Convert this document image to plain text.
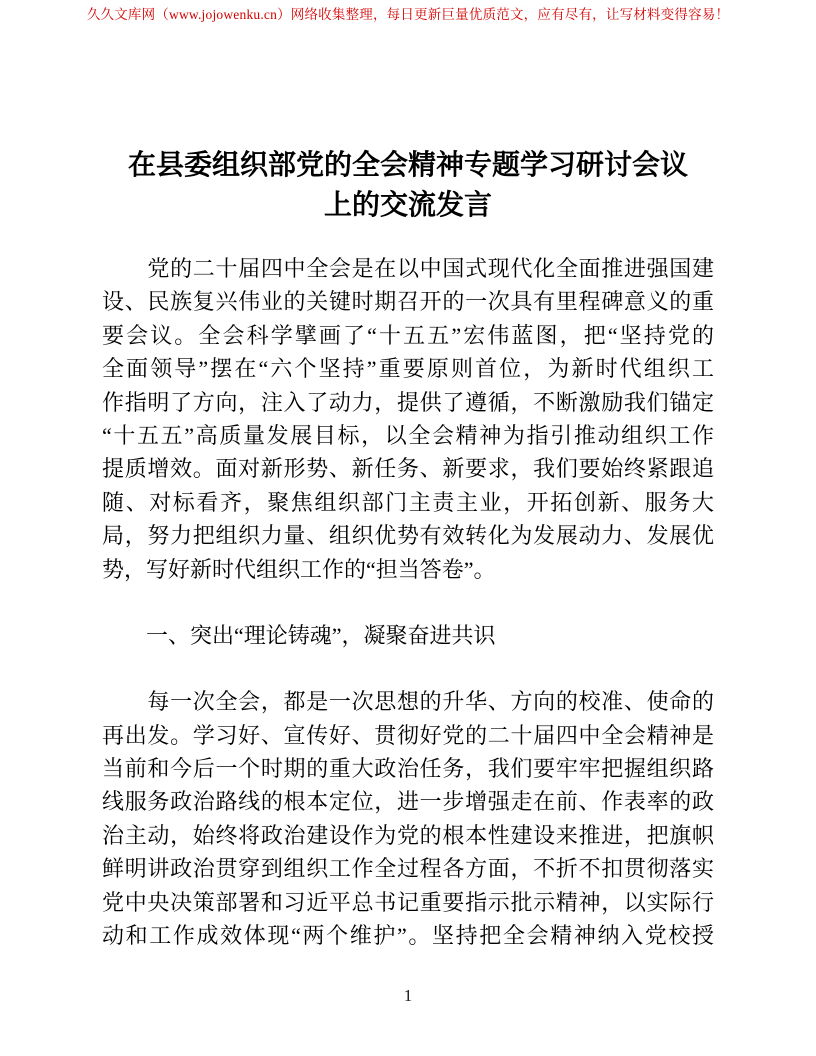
久久文库网（www.jojowenku.cn）网络收集整理，每日更新巨量优质范文，应有尽有，让写材料变得容易！
在县委组织部党的全会精神专题学习研讨会议
上的交流发言
　　党的二十届四中全会是在以中国式现代化全面推进强国建
设、民族复兴伟业的关键时期召开的一次具有里程碑意义的重
要会议。全会科学擘画了“十五五”宏伟蓝图，把“坚持党的
全面领导”摆在“六个坚持”重要原则首位，为新时代组织工
作指明了方向，注入了动力，提供了遵循，不断激励我们锚定
“十五五”高质量发展目标，以全会精神为指引推动组织工作
提质增效。面对新形势、新任务、新要求，我们要始终紧跟追
随、对标看齐，聚焦组织部门主责主业，开拓创新、服务大
局，努力把组织力量、组织优势有效转化为发展动力、发展优
势，写好新时代组织工作的“担当答卷”。
　　一、突出“理论铸魂”，凝聚奋进共识
　　每一次全会，都是一次思想的升华、方向的校准、使命的
再出发。学习好、宣传好、贯彻好党的二十届四中全会精神是
当前和今后一个时期的重大政治任务，我们要牢牢把握组织路
线服务政治路线的根本定位，进一步增强走在前、作表率的政
治主动，始终将政治建设作为党的根本性建设来推进，把旗帜
鲜明讲政治贯穿到组织工作全过程各方面，不折不扣贯彻落实
党中央决策部署和习近平总书记重要指示批示精神，以实际行
动和工作成效体现“两个维护”。坚持把全会精神纳入党校授
1
